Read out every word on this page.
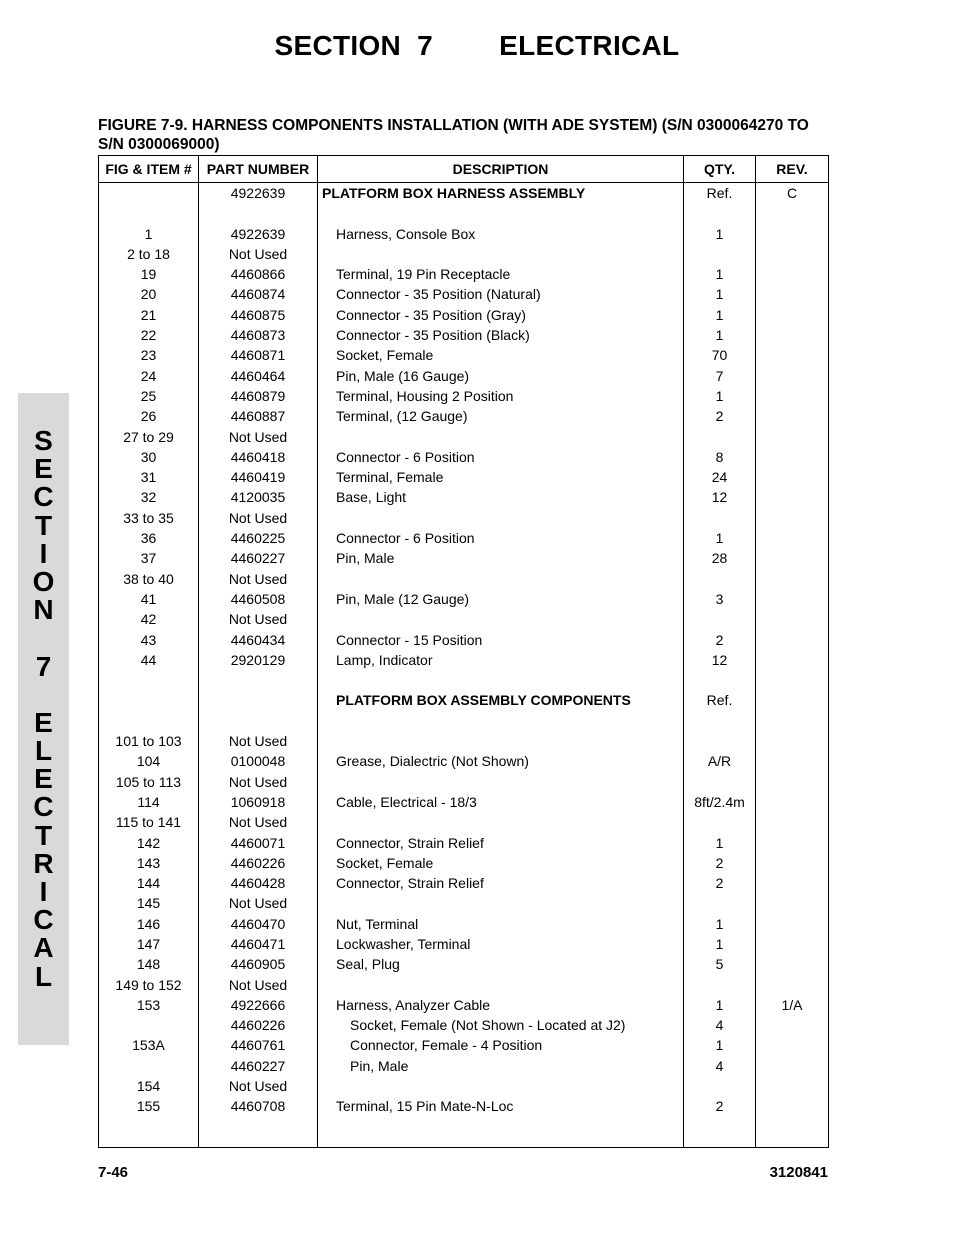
SECTION 7 ELECTRICAL
FIGURE 7-9. HARNESS COMPONENTS INSTALLATION (WITH ADE SYSTEM) (S/N 0300064270 TO S/N 0300069000)
S
E
C
T
I
O
N
7
E
L
E
C
T
R
I
C
A
L
FIG & ITEM #	PART NUMBER	DESCRIPTION	QTY.	REV.
	4922639	PLATFORM BOX HARNESS ASSEMBLY	Ref.	C

1	4922639	Harness, Console Box	1	
2 to 18	Not Used			
19	4460866	Terminal, 19 Pin Receptacle	1	
20	4460874	Connector - 35 Position (Natural)	1	
21	4460875	Connector - 35 Position (Gray)	1	
22	4460873	Connector - 35 Position (Black)	1	
23	4460871	Socket, Female	70	
24	4460464	Pin, Male (16 Gauge)	7	
25	4460879	Terminal, Housing 2 Position	1	
26	4460887	Terminal, (12 Gauge)	2	
27 to 29	Not Used			
30	4460418	Connector - 6 Position	8	
31	4460419	Terminal, Female	24	
32	4120035	Base, Light	12	
33 to 35	Not Used			
36	4460225	Connector - 6 Position	1	
37	4460227	Pin, Male	28	
38 to 40	Not Used			
41	4460508	Pin, Male (12 Gauge)	3	
42	Not Used			
43	4460434	Connector - 15 Position	2	
44	2920129	Lamp, Indicator	12	

		PLATFORM BOX ASSEMBLY COMPONENTS	Ref.	

101 to 103	Not Used			
104	0100048	Grease, Dialectric (Not Shown)	A/R	
105 to 113	Not Used			
114	1060918	Cable, Electrical - 18/3	8ft/2.4m	
115 to 141	Not Used			
142	4460071	Connector, Strain Relief	1	
143	4460226	Socket, Female	2	
144	4460428	Connector, Strain Relief	2	
145	Not Used			
146	4460470	Nut, Terminal	1	
147	4460471	Lockwasher, Terminal	1	
148	4460905	Seal, Plug	5	
149 to 152	Not Used			
153	4922666	Harness, Analyzer Cable	1	1/A
	4460226	Socket, Female (Not Shown - Located at J2)	4	
153A	4460761	Connector, Female - 4 Position	1	
	4460227	Pin, Male	4	
154	Not Used			
155	4460708	Terminal, 15 Pin Mate-N-Loc	2	

7-46	3120841
